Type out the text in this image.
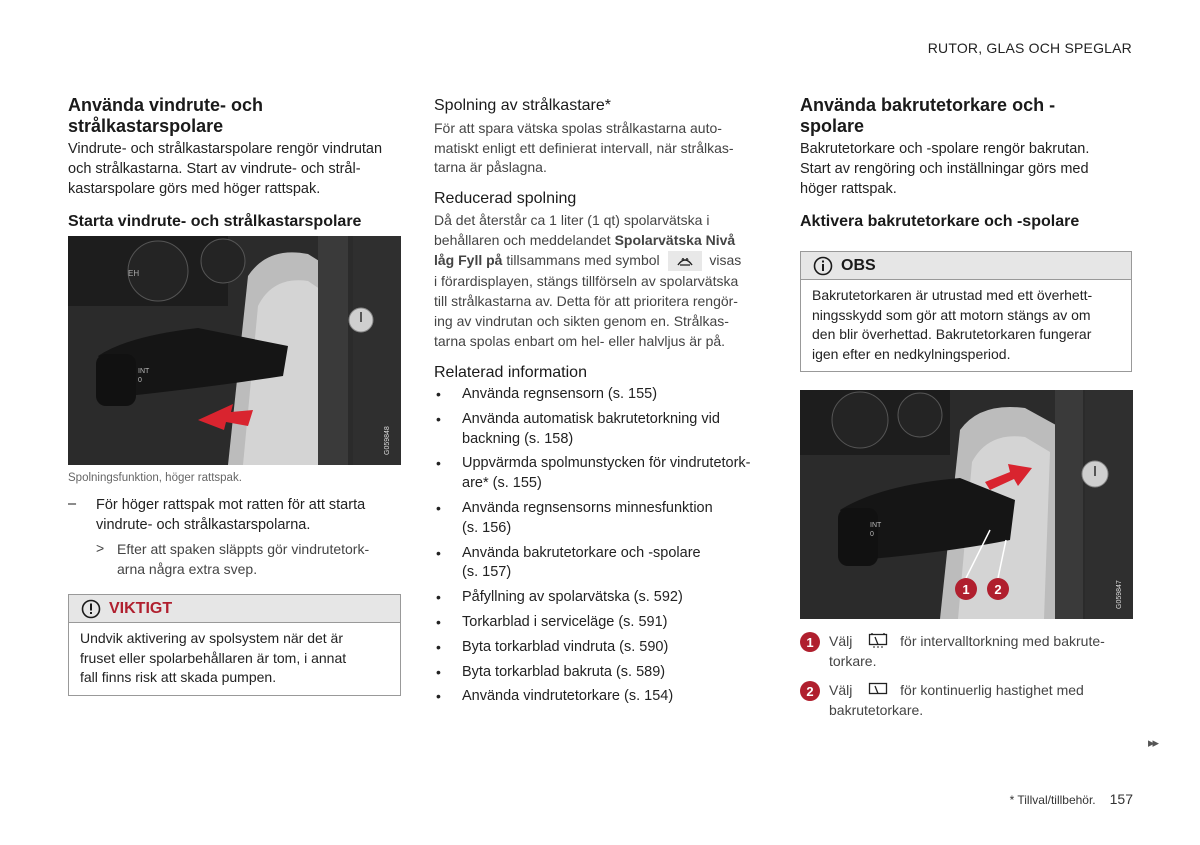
RUTOR, GLAS OCH SPEGLAR
Använda vindrute- och strålkastarspolare

Vindrute- och strålkastarspolare rengör vindrutan
och strålkastarna. Start av vindrute- och strål-
kastarspolare görs med höger rattspak.

Starta vindrute- och strålkastarspolare
EH
INT
0
G059848
Spolningsfunktion, höger rattspak.
– För höger rattspak mot ratten för att starta
vindrute- och strålkastarspolarna.

> Efter att spaken släppts gör vindrutetork-
arna några extra svep.

VIKTIGT
Undvik aktivering av spolsystem när det är
fruset eller spolarbehållaren är tom, i annat
fall finns risk att skada pumpen.
Spolning av strålkastare*

För att spara vätska spolas strålkastarna auto-
matiskt enligt ett definierat intervall, när strålkas-
tarna är påslagna.

Reducerad spolning

Då det återstår ca 1 liter (1 qt) spolarvätska i
behållaren och meddelandet Spolarvätska Nivå
låg Fyll på tillsammans med symbol	visas
i förardisplayen, stängs tillförseln av spolarvätska
till strålkastarna av. Detta för att prioritera rengör-
ing av vindrutan och sikten genom en. Strålkas-
tarna spolas enbart om hel- eller halvljus är på.

Relaterad information
• Använda regnsensorn (s. 155)
• Använda automatisk bakrutetorkning vid
backning (s. 158)
• Uppvärmda spolmunstycken för vindrutetork-
are* (s. 155)
• Använda regnsensorns minnesfunktion
(s. 156)
• Använda bakrutetorkare och -spolare
(s. 157)
• Påfyllning av spolarvätska (s. 592)
• Torkarblad i serviceläge (s. 591)
• Byta torkarblad vindruta (s. 590)
• Byta torkarblad bakruta (s. 589)
• Använda vindrutetorkare (s. 154)
Använda bakrutetorkare och -
spolare

Bakrutetorkare och -spolare rengör bakrutan.
Start av rengöring och inställningar görs med
höger rattspak.

Aktivera bakrutetorkare och -spolare
OBS
Bakrutetorkaren är utrustad med ett överhett-
ningsskydd som gör att motorn stängs av om
den blir överhettad. Bakrutetorkaren fungerar
igen efter en nedkylningsperiod.
INT
0
1 2	G059847
1	Välj	för intervalltorkning med bakrute-
torkare.

2	Välj	för kontinuerlig hastighet med
bakrutetorkare.

▸▸
* Tillval/tillbehör. 157
